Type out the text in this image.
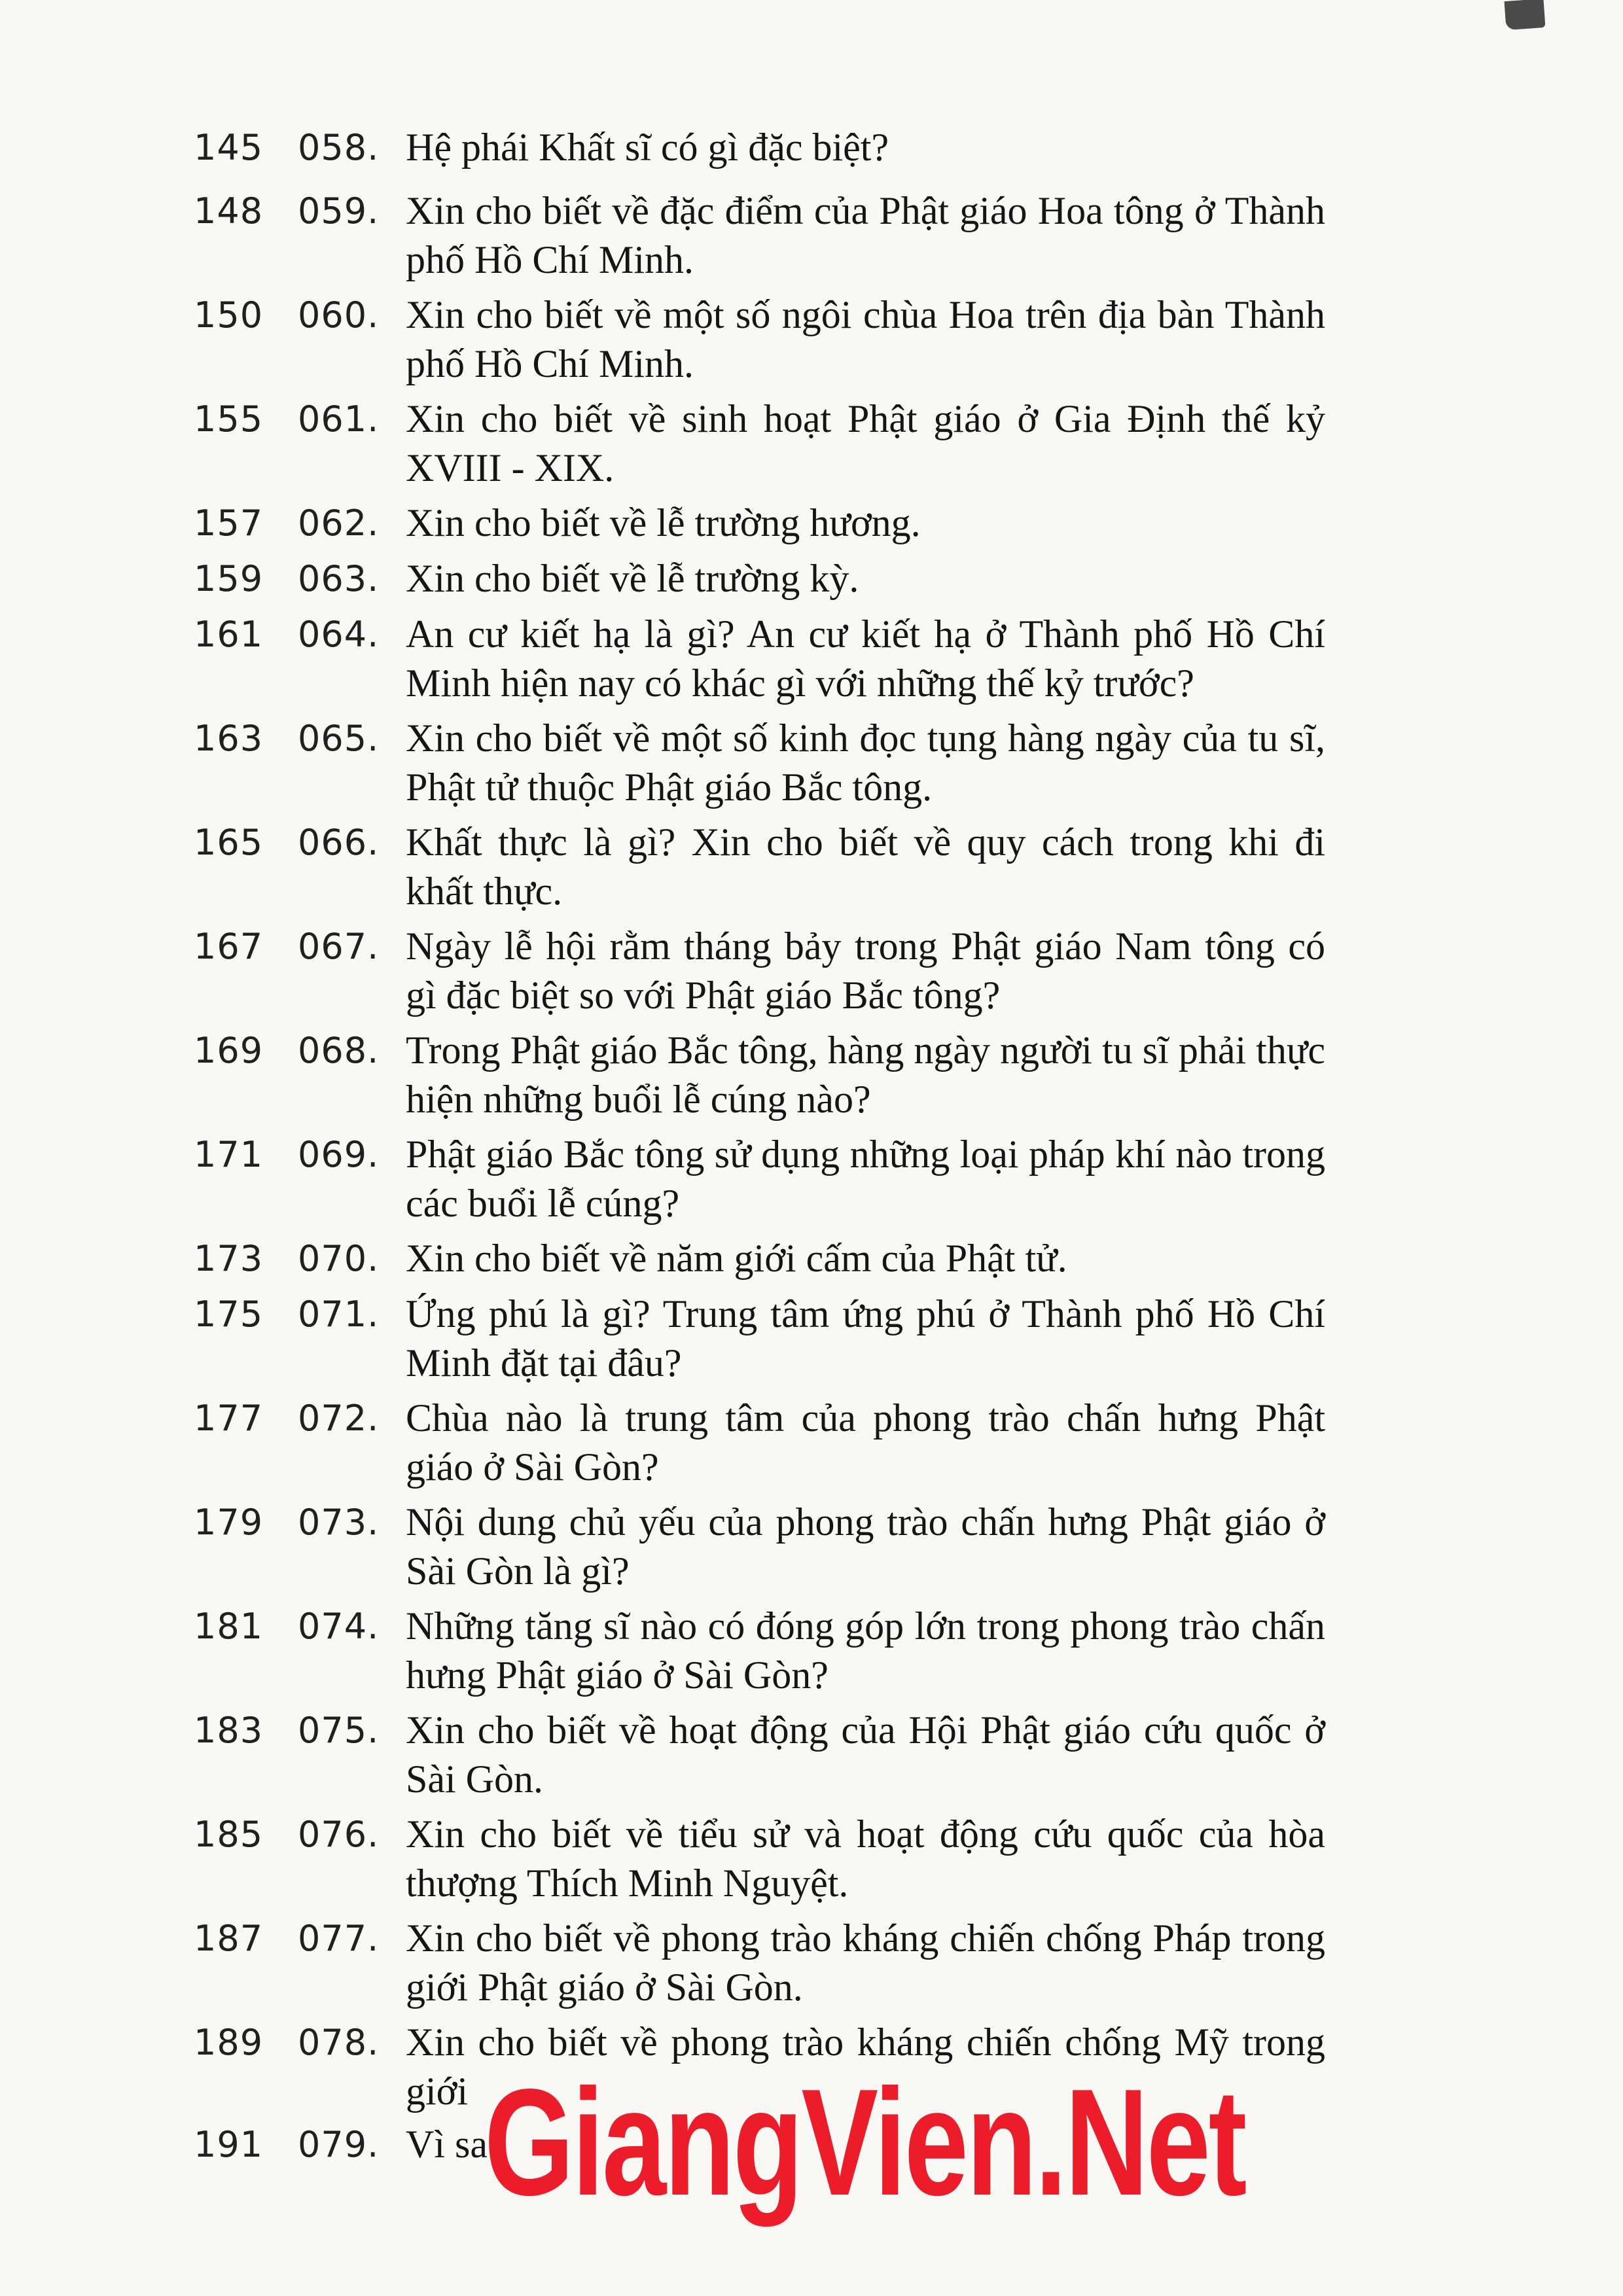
145 058. Hệ phái Khất sĩ có gì đặc biệt?
148 059. Xin cho biết về đặc điểm của Phật giáo Hoa tông ở Thành phố Hồ Chí Minh.
150 060. Xin cho biết về một số ngôi chùa Hoa trên địa bàn Thành phố Hồ Chí Minh.
155 061. Xin cho biết về sinh hoạt Phật giáo ở Gia Định thế kỷ XVIII - XIX.
157 062. Xin cho biết về lễ trường hương.
159 063. Xin cho biết về lễ trường kỳ.
161 064. An cư kiết hạ là gì? An cư kiết hạ ở Thành phố Hồ Chí Minh hiện nay có khác gì với những thế kỷ trước?
163 065. Xin cho biết về một số kinh đọc tụng hàng ngày của tu sĩ, Phật tử thuộc Phật giáo Bắc tông.
165 066. Khất thực là gì? Xin cho biết về quy cách trong khi đi khất thực.
167 067. Ngày lễ hội rằm tháng bảy trong Phật giáo Nam tông có gì đặc biệt so với Phật giáo Bắc tông?
169 068. Trong Phật giáo Bắc tông, hàng ngày người tu sĩ phải thực hiện những buổi lễ cúng nào?
171 069. Phật giáo Bắc tông sử dụng những loại pháp khí nào trong các buổi lễ cúng?
173 070. Xin cho biết về năm giới cấm của Phật tử.
175 071. Ứng phú là gì? Trung tâm ứng phú ở Thành phố Hồ Chí Minh đặt tại đâu?
177 072. Chùa nào là trung tâm của phong trào chấn hưng Phật giáo ở Sài Gòn?
179 073. Nội dung chủ yếu của phong trào chấn hưng Phật giáo ở Sài Gòn là gì?
181 074. Những tăng sĩ nào có đóng góp lớn trong phong trào chấn hưng Phật giáo ở Sài Gòn?
183 075. Xin cho biết về hoạt động của Hội Phật giáo cứu quốc ở Sài Gòn.
185 076. Xin cho biết về tiểu sử và hoạt động cứu quốc của hòa thượng Thích Minh Nguyệt.
187 077. Xin cho biết về phong trào kháng chiến chống Pháp trong giới Phật giáo ở Sài Gòn.
189 078. Xin cho biết về phong trào kháng chiến chống Mỹ trong giới
191 079. Vì sa
GiangVien.Net
